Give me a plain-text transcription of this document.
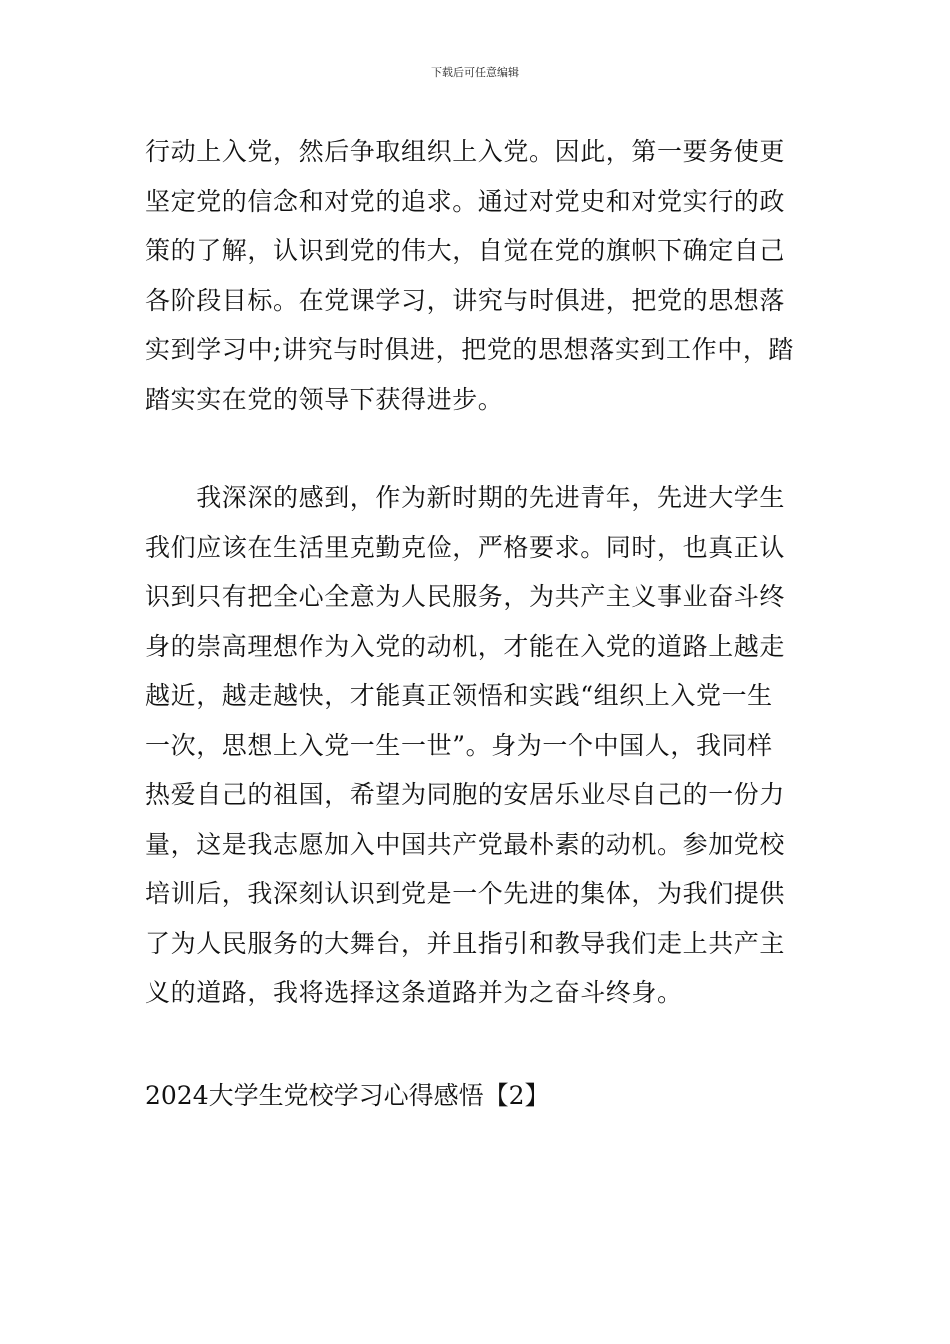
下载后可任意编辑
行动上入党，然后争取组织上入党。因此，第一要务使更
坚定党的信念和对党的追求。通过对党史和对党实行的政
策的了解，认识到党的伟大，自觉在党的旗帜下确定自己
各阶段目标。在党课学习，讲究与时俱进，把党的思想落
实到学习中;讲究与时俱进，把党的思想落实到工作中，踏
踏实实在党的领导下获得进步。
　　我深深的感到，作为新时期的先进青年，先进大学生
我们应该在生活里克勤克俭，严格要求。同时，也真正认
识到只有把全心全意为人民服务，为共产主义事业奋斗终
身的崇高理想作为入党的动机，才能在入党的道路上越走
越近，越走越快，才能真正领悟和实践“组织上入党一生
一次，思想上入党一生一世”。身为一个中国人，我同样
热爱自己的祖国，希望为同胞的安居乐业尽自己的一份力
量，这是我志愿加入中国共产党最朴素的动机。参加党校
培训后，我深刻认识到党是一个先进的集体，为我们提供
了为人民服务的大舞台，并且指引和教导我们走上共产主
义的道路，我将选择这条道路并为之奋斗终身。
2024大学生党校学习心得感悟【2】
